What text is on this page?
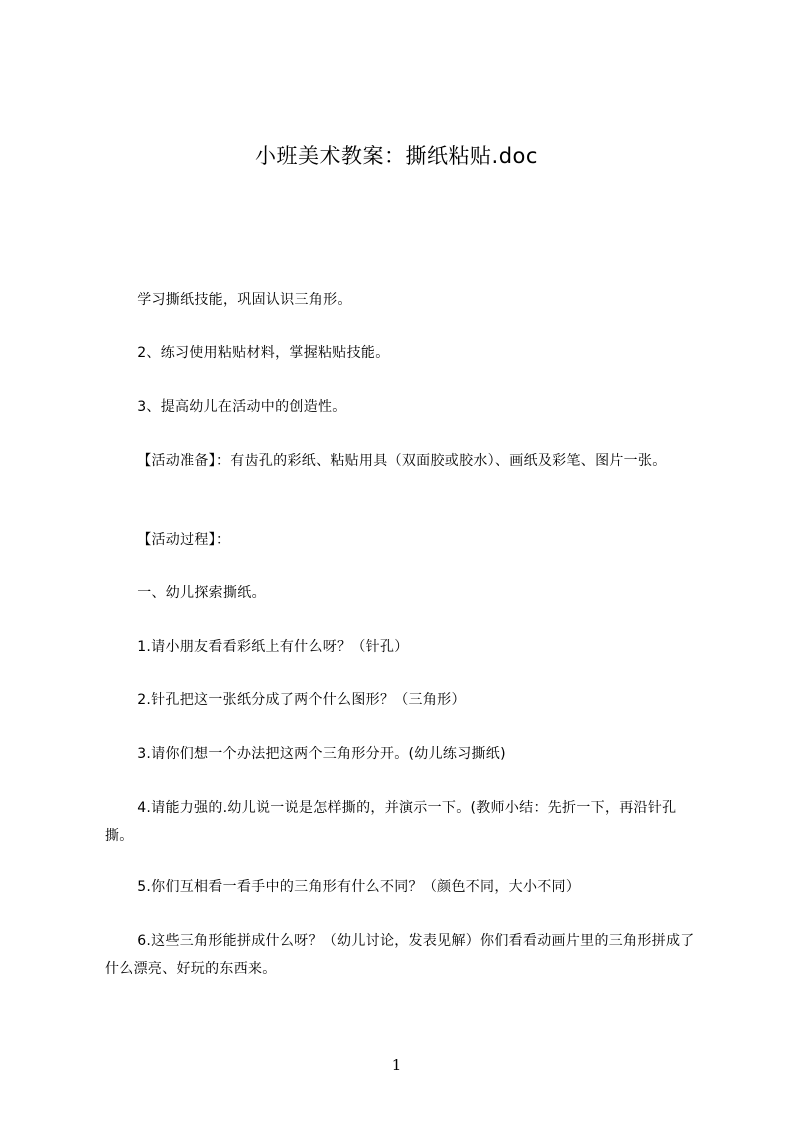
小班美术教案：撕纸粘贴.doc

学习撕纸技能，巩固认识三角形。

2、练习使用粘贴材料，掌握粘贴技能。

3、提高幼儿在活动中的创造性。

【活动准备】：有齿孔的彩纸、粘贴用具（双面胶或胶水）、画纸及彩笔、图片一张。

【活动过程】：

一、幼儿探索撕纸。

1.请小朋友看看彩纸上有什么呀？（针孔）

2.针孔把这一张纸分成了两个什么图形？（三角形）

3.请你们想一个办法把这两个三角形分开。(幼儿练习撕纸)

4.请能力强的.幼儿说一说是怎样撕的，并演示一下。(教师小结：先折一下，再沿针孔撕。

5.你们互相看一看手中的三角形有什么不同？（颜色不同，大小不同）

6.这些三角形能拼成什么呀？（幼儿讨论，发表见解）你们看看动画片里的三角形拼成了什么漂亮、好玩的东西来。

1
